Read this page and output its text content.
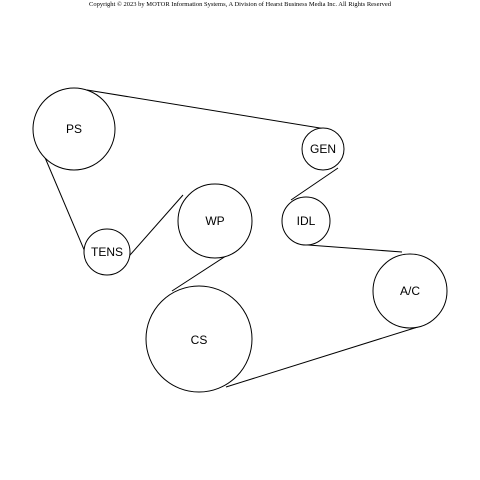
Copyright © 2023 by MOTOR Information Systems, A Division of Hearst Business Media Inc. All Rights Reserved
PS
GEN
IDL
WP
TENS
A/C
CS
